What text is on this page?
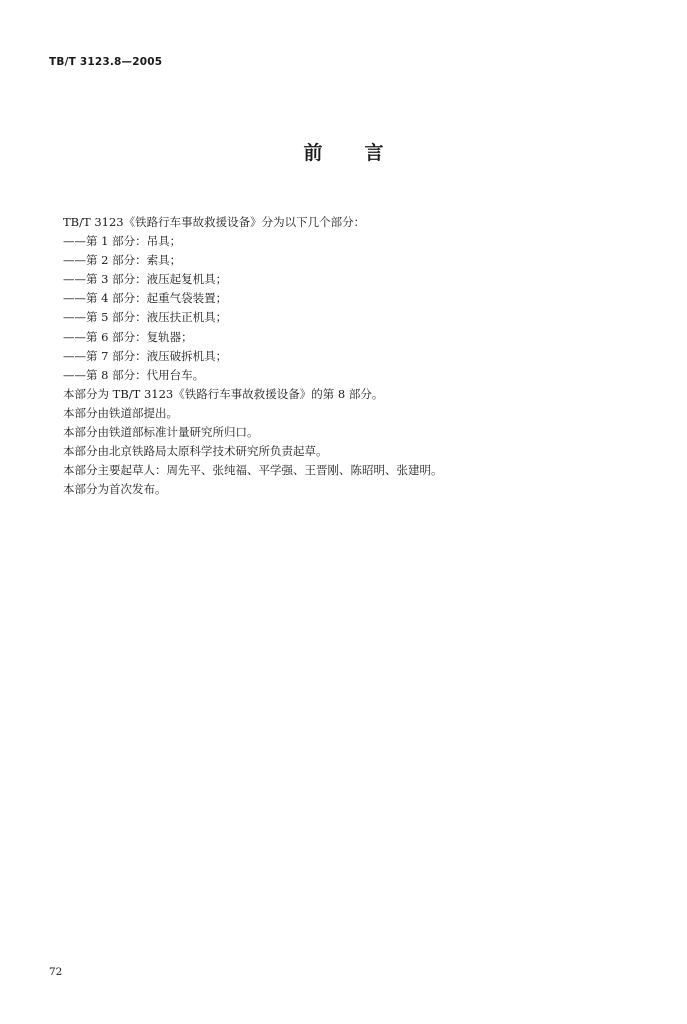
TB/T 3123.8—2005
前 言
TB/T 3123《铁路行车事故救援设备》分为以下几个部分：
——第 1 部分：吊具；
——第 2 部分：索具；
——第 3 部分：液压起复机具；
——第 4 部分：起重气袋装置；
——第 5 部分：液压扶正机具；
——第 6 部分：复轨器；
——第 7 部分：液压破拆机具；
——第 8 部分：代用台车。
本部分为 TB/T 3123《铁路行车事故救援设备》的第 8 部分。
本部分由铁道部提出。
本部分由铁道部标准计量研究所归口。
本部分由北京铁路局太原科学技术研究所负责起草。
本部分主要起草人：周先平、张纯福、平学强、王晋刚、陈昭明、张建明。
本部分为首次发布。
72
